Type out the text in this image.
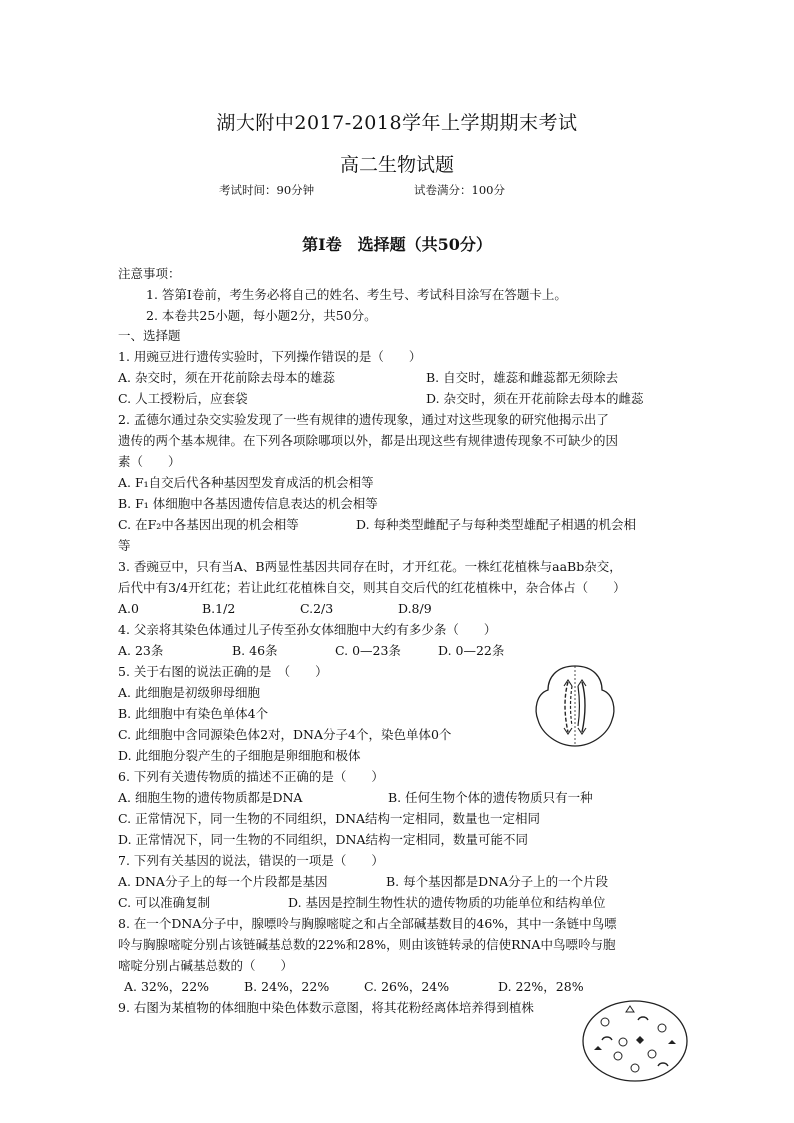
湖大附中2017-2018学年上学期期末考试
高二生物试题
考试时间：90分钟	试卷满分：100分
第Ⅰ卷　选择题（共50分）
注意事项：
1. 答第Ⅰ卷前，考生务必将自己的姓名、考生号、考试科目涂写在答题卡上。
2. 本卷共25小题，每小题2分，共50分。
一、选择题
1. 用豌豆进行遗传实验时，下列操作错误的是（　　）
A. 杂交时，须在开花前除去母本的雄蕊	B. 自交时，雄蕊和雌蕊都无须除去
C. 人工授粉后，应套袋	D. 杂交时，须在开花前除去母本的雌蕊
2. 孟德尔通过杂交实验发现了一些有规律的遗传现象，通过对这些现象的研究他揭示出了
遗传的两个基本规律。在下列各项除哪项以外，都是出现这些有规律遗传现象不可缺少的因
素（　　）
A. F₁自交后代各种基因型发育成活的机会相等
B. F₁ 体细胞中各基因遗传信息表达的机会相等
C. 在F₂中各基因出现的机会相等	D. 每种类型雌配子与每种类型雄配子相遇的机会相
等
3. 香豌豆中，只有当A、B两显性基因共同存在时，才开红花。一株红花植株与aaBb杂交，
后代中有3/4开红花；若让此红花植株自交，则其自交后代的红花植株中，杂合体占（　　）
A.0	B.1/2	C.2/3	D.8/9
4. 父亲将其染色体通过儿子传至孙女体细胞中大约有多少条（　　）
A. 23条	B. 46条	C. 0—23条	D. 0—22条
5. 关于右图的说法正确的是　（　　）
A. 此细胞是初级卵母细胞
B. 此细胞中有染色单体4个
C. 此细胞中含同源染色体2对，DNA分子4个，染色单体0个
D. 此细胞分裂产生的子细胞是卵细胞和极体
6. 下列有关遗传物质的描述不正确的是（　　）
A. 细胞生物的遗传物质都是DNA	B. 任何生物个体的遗传物质只有一种
C. 正常情况下，同一生物的不同组织，DNA结构一定相同，数量也一定相同
D. 正常情况下，同一生物的不同组织，DNA结构一定相同，数量可能不同
7. 下列有关基因的说法，错误的一项是（　　）
A. DNA分子上的每一个片段都是基因	B. 每个基因都是DNA分子上的一个片段
C. 可以准确复制	D. 基因是控制生物性状的遗传物质的功能单位和结构单位
8. 在一个DNA分子中，腺嘌呤与胸腺嘧啶之和占全部碱基数目的46%，其中一条链中鸟嘌
呤与胸腺嘧啶分别占该链碱基总数的22%和28%，则由该链转录的信使RNA中鸟嘌呤与胞
嘧啶分别占碱基总数的（　　）
A. 32%，22%	B. 24%，22%	C. 26%，24%	D. 22%，28%
9. 右图为某植物的体细胞中染色体数示意图，将其花粉经离体培养得到植株
